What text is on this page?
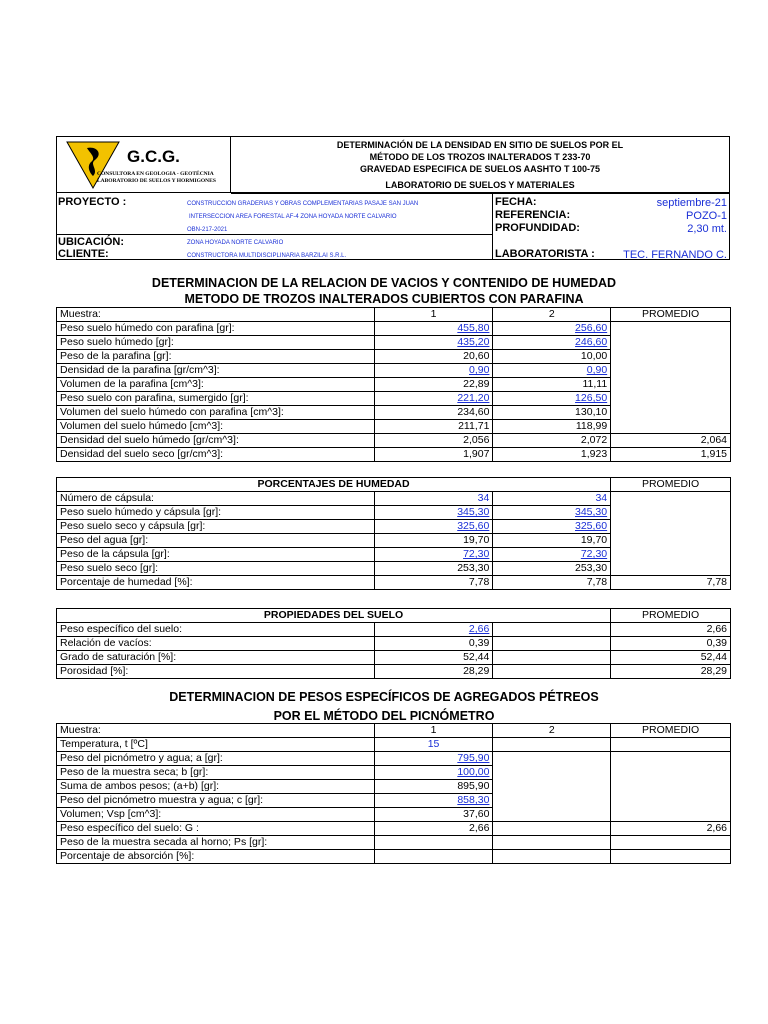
G.C.G.
CONSULTORA EN GEOLOGIA - GEOTÉCNIA
LABORATORIO DE SUELOS Y HORMIGONES
DETERMINACIÓN DE LA DENSIDAD EN SITIO DE SUELOS POR EL
MÉTODO DE LOS TROZOS INALTERADOS T 233-70
GRAVEDAD ESPECIFICA DE SUELOS AASHTO T 100-75
LABORATORIO DE SUELOS Y MATERIALES
PROYECTO :	CONSTRUCCION GRADERIAS Y OBRAS COMPLEMENTARIAS PASAJE SAN JUAN
INTERSECCION AREA FORESTAL AF-4 ZONA HOYADA NORTE CALVARIO
OBN-217-2021
UBICACIÓN:	ZONA HOYADA NORTE CALVARIO
CLIENTE:	CONSTRUCTORA MULTIDISCIPLINARIA BARZILAI S.R.L.
FECHA:	septiembre-21
REFERENCIA:	POZO-1
PROFUNDIDAD:	2,30 mt.
LABORATORISTA :	TEC. FERNANDO C.
DETERMINACION DE LA RELACION DE VACIOS Y CONTENIDO DE HUMEDAD
METODO DE TROZOS INALTERADOS CUBIERTOS CON PARAFINA
Muestra:	1	2	PROMEDIO
Peso suelo húmedo con parafina [gr]:	455,80	256,60	
Peso suelo húmedo [gr]:	435,20	246,60	
Peso de la parafina [gr]:	20,60	10,00	
Densidad de la parafina [gr/cm^3]:	0,90	0,90	
Volumen de la parafina [cm^3]:	22,89	11,11	
Peso suelo con parafina, sumergido [gr]:	221,20	126,50	
Volumen del suelo húmedo con parafina [cm^3]:	234,60	130,10	
Volumen del suelo húmedo [cm^3]:	211,71	118,99	
Densidad del suelo húmedo [gr/cm^3]:	2,056	2,072	2,064
Densidad del suelo seco [gr/cm^3]:	1,907	1,923	1,915
PORCENTAJES DE HUMEDAD			PROMEDIO
Número de cápsula:	34	34	
Peso suelo húmedo y cápsula [gr]:	345,30	345,30	
Peso suelo seco y cápsula [gr]:	325,60	325,60	
Peso del agua [gr]:	19,70	19,70	
Peso de la cápsula [gr]:	72,30	72,30	
Peso suelo seco [gr]:	253,30	253,30	
Porcentaje de humedad [%]:	7,78	7,78	7,78
PROPIEDADES DEL SUELO			PROMEDIO
Peso específico del suelo:	2,66		2,66
Relación de vacíos:	0,39		0,39
Grado de saturación [%]:	52,44		52,44
Porosidad [%]:	28,29		28,29
DETERMINACION DE PESOS ESPECÍFICOS DE AGREGADOS PÉTREOS
POR EL MÉTODO DEL PICNÓMETRO
Muestra:	1	2	PROMEDIO
Temperatura, t [ºC]	15		
Peso del picnómetro y agua; a [gr]:	795,90		
Peso de la muestra seca; b [gr]:	100,00		
Suma de ambos pesos; (a+b) [gr]:	895,90		
Peso del picnómetro muestra y agua; c [gr]:	858,30		
Volumen; Vsp [cm^3]:	37,60		
Peso específico del suelo: G :	2,66		2,66
Peso de la muestra secada al horno; Ps [gr]:			
Porcentaje de absorción [%]:			
